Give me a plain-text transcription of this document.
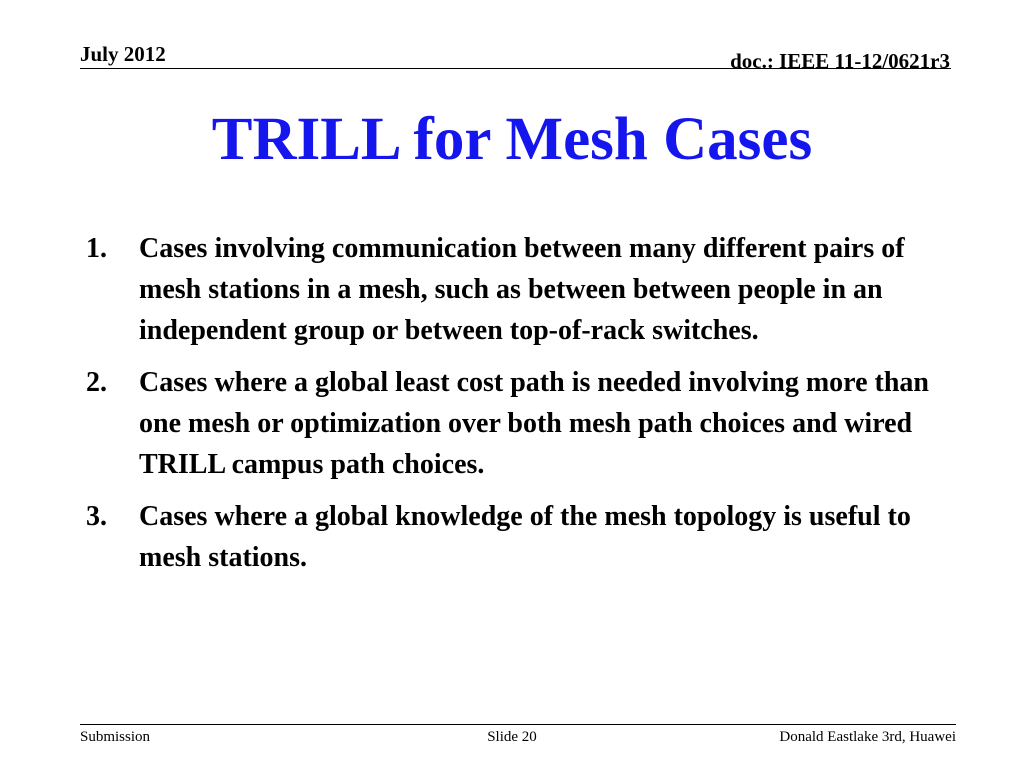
July 2012	doc.: IEEE 11-12/0621r3
TRILL for Mesh Cases
1.	Cases involving communication between many different pairs of mesh stations in a mesh, such as between between people in an independent group or between top-of-rack switches.
2.	Cases where a global least cost path is needed involving more than one mesh or optimization over both mesh path choices and wired TRILL campus path choices.
3.	Cases where a global knowledge of the mesh topology is useful to mesh stations.
Submission	Slide 20	Donald Eastlake 3rd, Huawei
